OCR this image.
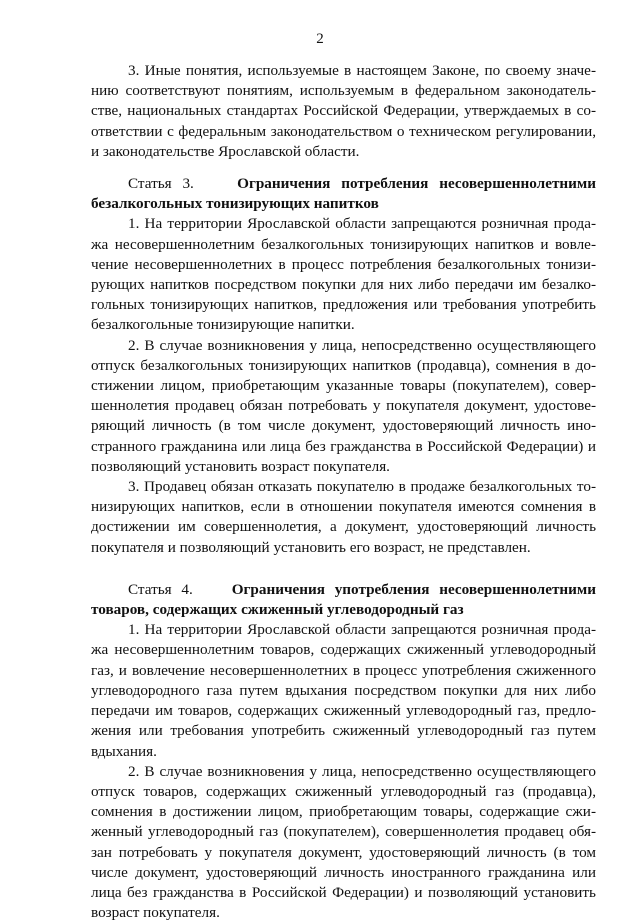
2

3. Иные понятия, используемые в настоящем Законе, по своему значению соответствуют понятиям, используемым в федеральном законодательстве, национальных стандартах Российской Федерации, утверждаемых в соответствии с федеральным законодательством о техническом регулировании, и законодательстве Ярославской области.

Статья 3.	Ограничения потребления несовершеннолетними безалкогольных тонизирующих напитков

1. На территории Ярославской области запрещаются розничная продажа несовершеннолетним безалкогольных тонизирующих напитков и вовлечение несовершеннолетних в процесс потребления безалкогольных тонизирующих напитков посредством покупки для них либо передачи им безалкогольных тонизирующих напитков, предложения или требования употребить безалкогольные тонизирующие напитки.

2. В случае возникновения у лица, непосредственно осуществляющего отпуск безалкогольных тонизирующих напитков (продавца), сомнения в достижении лицом, приобретающим указанные товары (покупателем), совершеннолетия продавец обязан потребовать у покупателя документ, удостоверяющий личность (в том числе документ, удостоверяющий личность иностранного гражданина или лица без гражданства в Российской Федерации) и позволяющий установить возраст покупателя.

3. Продавец обязан отказать покупателю в продаже безалкогольных тонизирующих напитков, если в отношении покупателя имеются сомнения в достижении им совершеннолетия, а документ, удостоверяющий личность покупателя и позволяющий установить его возраст, не представлен.

Статья 4.	Ограничения употребления несовершеннолетними товаров, содержащих сжиженный углеводородный газ

1. На территории Ярославской области запрещаются розничная продажа несовершеннолетним товаров, содержащих сжиженный углеводородный газ, и вовлечение несовершеннолетних в процесс употребления сжиженного углеводородного газа путем вдыхания посредством покупки для них либо передачи им товаров, содержащих сжиженный углеводородный газ, предложения или требования употребить сжиженный углеводородный газ путем вдыхания.

2. В случае возникновения у лица, непосредственно осуществляющего отпуск товаров, содержащих сжиженный углеводородный газ (продавца), сомнения в достижении лицом, приобретающим товары, содержащие сжиженный углеводородный газ (покупателем), совершеннолетия продавец обязан потребовать у покупателя документ, удостоверяющий личность (в том числе документ, удостоверяющий личность иностранного гражданина или лица без гражданства в Российской Федерации) и позволяющий установить возраст покупателя.
